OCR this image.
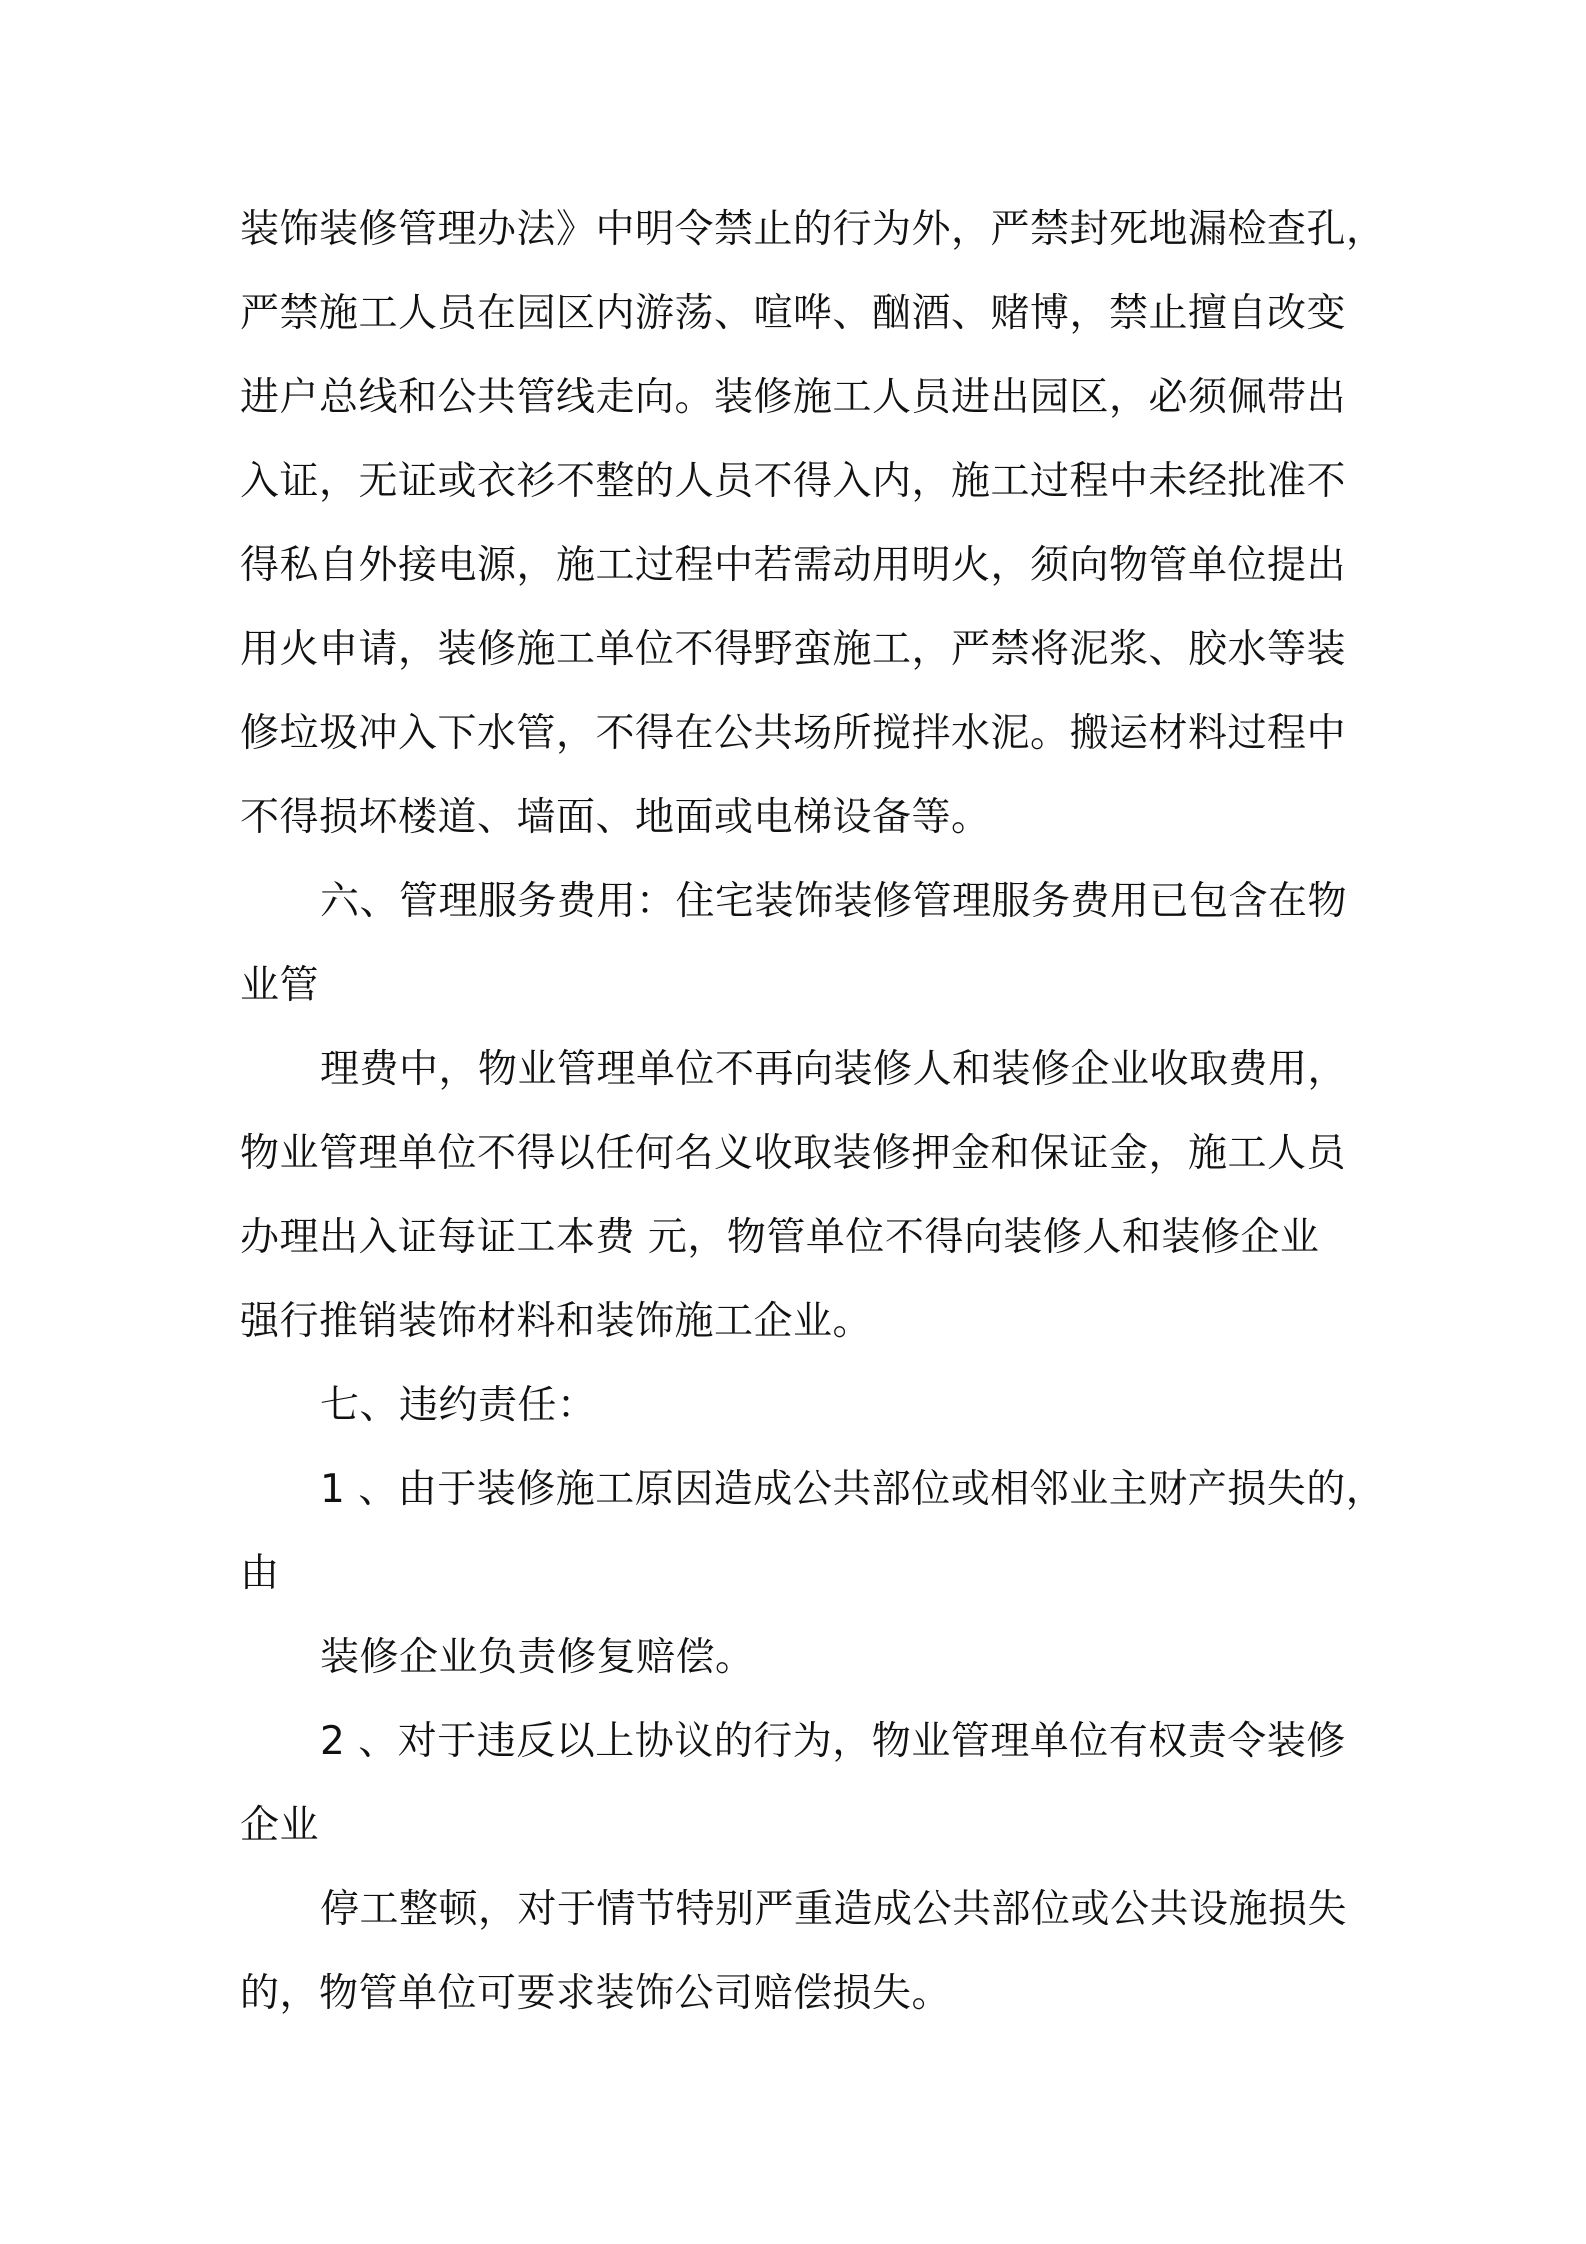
装饰装修管理办法》中明令禁止的行为外，严禁封死地漏检查孔，

严禁施工人员在园区内游荡、喧哗、酗酒、赌博，禁止擅自改变

进户总线和公共管线走向。装修施工人员进出园区，必须佩带出

入证，无证或衣衫不整的人员不得入内，施工过程中未经批准不

得私自外接电源，施工过程中若需动用明火，须向物管单位提出

用火申请，装修施工单位不得野蛮施工，严禁将泥浆、胶水等装

修垃圾冲入下水管，不得在公共场所搅拌水泥。搬运材料过程中

不得损坏楼道、墙面、地面或电梯设备等。

六、管理服务费用：住宅装饰装修管理服务费用已包含在物

业管

理费中，物业管理单位不再向装修人和装修企业收取费用，

物业管理单位不得以任何名义收取装修押金和保证金，施工人员

办理出入证每证工本费 元，物管单位不得向装修人和装修企业

强行推销装饰材料和装饰施工企业。

七、违约责任：

1 、由于装修施工原因造成公共部位或相邻业主财产损失的，

由

装修企业负责修复赔偿。

2 、对于违反以上协议的行为，物业管理单位有权责令装修

企业

停工整顿，对于情节特别严重造成公共部位或公共设施损失

的，物管单位可要求装饰公司赔偿损失。
